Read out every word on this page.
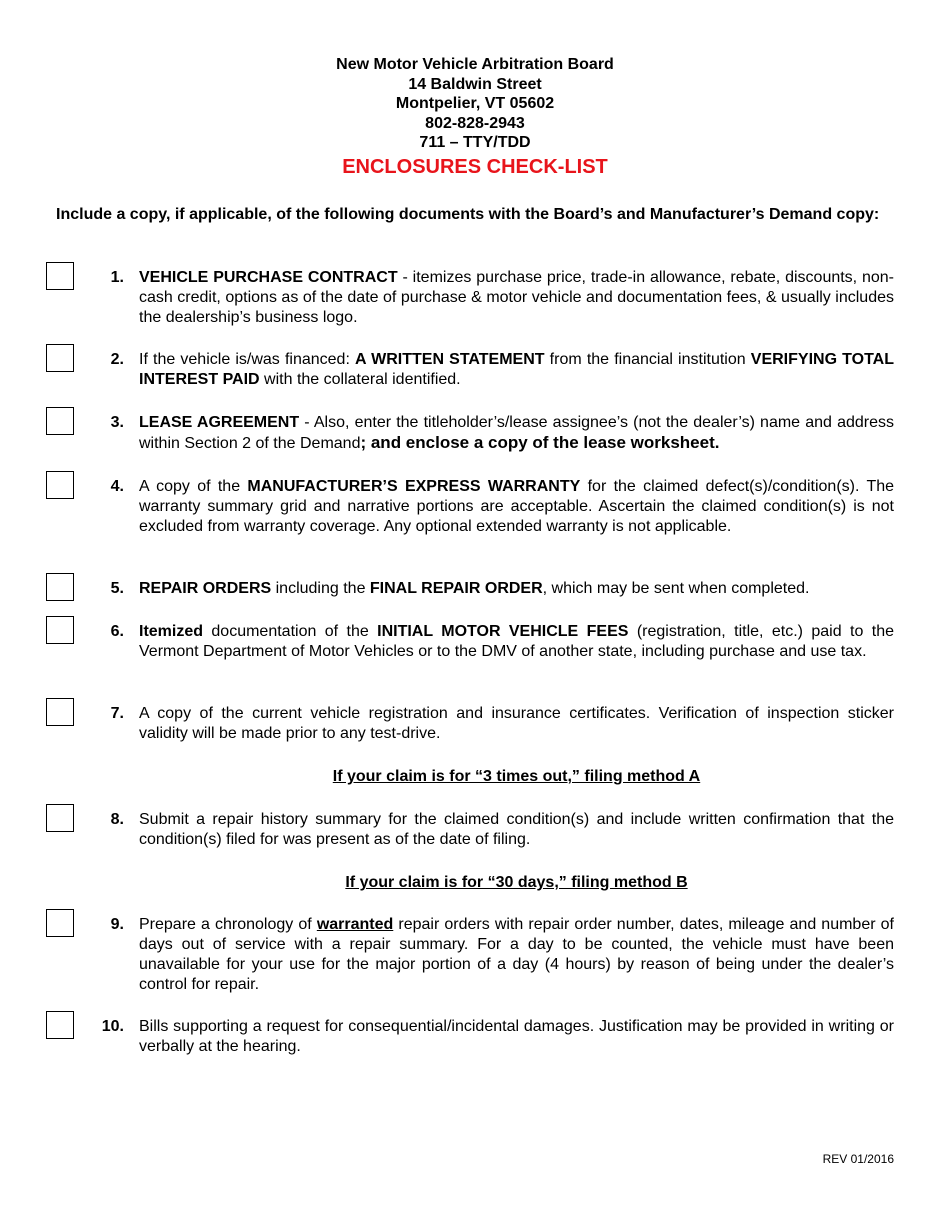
New Motor Vehicle Arbitration Board
14 Baldwin Street
Montpelier, VT 05602
802-828-2943
711 – TTY/TDD
ENCLOSURES CHECK-LIST
Include a copy, if applicable, of the following documents with the Board’s and Manufacturer’s Demand copy:
1. VEHICLE PURCHASE CONTRACT - itemizes purchase price, trade-in allowance, rebate, discounts, non-cash credit, options as of the date of purchase & motor vehicle and documentation fees, & usually includes the dealership’s business logo.
2. If the vehicle is/was financed: A WRITTEN STATEMENT from the financial institution VERIFYING TOTAL INTEREST PAID with the collateral identified.
3. LEASE AGREEMENT - Also, enter the titleholder’s/lease assignee’s (not the dealer’s) name and address within Section 2 of the Demand; and enclose a copy of the lease worksheet.
4. A copy of the MANUFACTURER’S EXPRESS WARRANTY for the claimed defect(s)/condition(s). The warranty summary grid and narrative portions are acceptable. Ascertain the claimed condition(s) is not excluded from warranty coverage. Any optional extended warranty is not applicable.
5. REPAIR ORDERS including the FINAL REPAIR ORDER, which may be sent when completed.
6. Itemized documentation of the INITIAL MOTOR VEHICLE FEES (registration, title, etc.) paid to the Vermont Department of Motor Vehicles or to the DMV of another state, including purchase and use tax.
7. A copy of the current vehicle registration and insurance certificates. Verification of inspection sticker validity will be made prior to any test-drive.
If your claim is for “3 times out,” filing method A
8. Submit a repair history summary for the claimed condition(s) and include written confirmation that the condition(s) filed for was present as of the date of filing.
If your claim is for “30 days,” filing method B
9. Prepare a chronology of warranted repair orders with repair order number, dates, mileage and number of days out of service with a repair summary. For a day to be counted, the vehicle must have been unavailable for your use for the major portion of a day (4 hours) by reason of being under the dealer’s control for repair.
10. Bills supporting a request for consequential/incidental damages. Justification may be provided in writing or verbally at the hearing.
REV 01/2016
